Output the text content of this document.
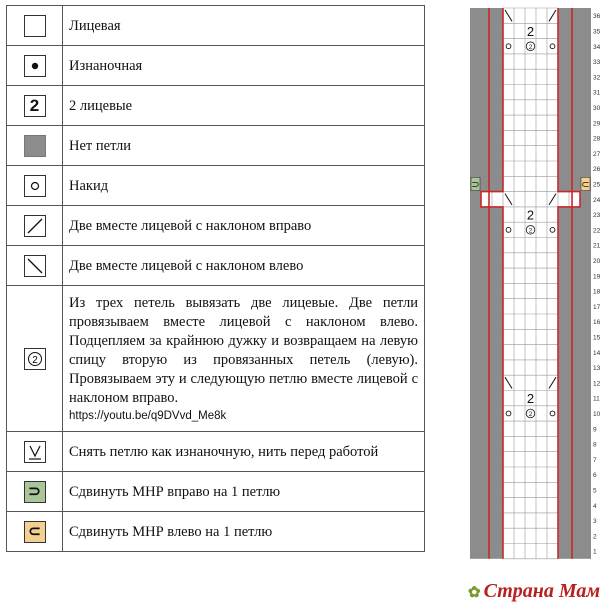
	Лицевая

	Изнаночная
2	2 лицевые
	Нет петли

	Накид

	Две вместе лицевой с наклоном вправо

	Две вместе лицевой с наклоном влево

2	Из трех петель вывязать две лицевые. Две петли провязываем вместе лицевой с наклоном влево. Подцепляем за крайнюю дужку и возвращаем на левую спицу вторую из провязанных петель (левую). Провязываем эту и следующую петлю вместе лицевой с наклоном вправо.
https://youtu.be/q9DVvd_Me8k

	Снять петлю как изнаночную, нить перед работой
⊃	Сдвинуть МНР вправо на 1 петлю
⊂	Сдвинуть МНР влево на 1 петлю
2
2
2
2
2
2
⊃	⊂
1
2
3
4
5
6
7
8
9
10
11
12
13
14
15
16
17
18
19
20
21
22
23
24
25
26
27
28
29
30
31
32
33
34
35
36
✿ Страна Мам
